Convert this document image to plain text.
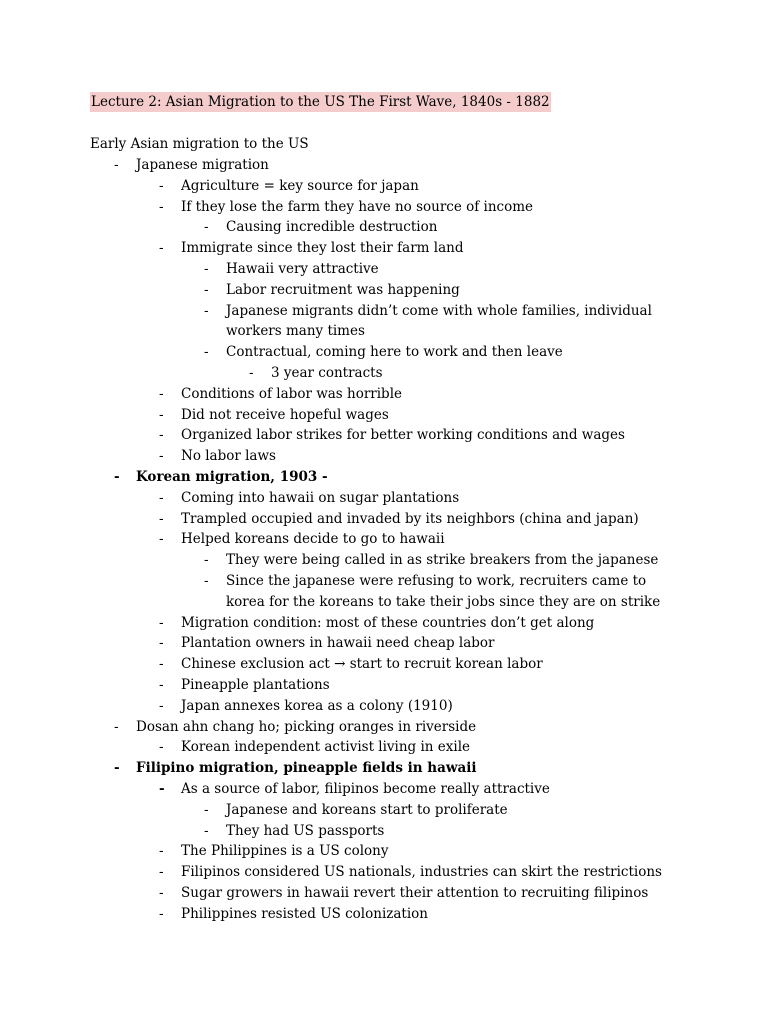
Lecture 2: Asian Migration to the US The First Wave, 1840s - 1882
Early Asian migration to the US
- Japanese migration
- Agriculture = key source for japan
- If they lose the farm they have no source of income
- Causing incredible destruction
- Immigrate since they lost their farm land
- Hawaii very attractive
- Labor recruitment was happening
- Japanese migrants didn’t come with whole families, individual workers many times
- Contractual, coming here to work and then leave
- 3 year contracts
- Conditions of labor was horrible
- Did not receive hopeful wages
- Organized labor strikes for better working conditions and wages
- No labor laws
- Korean migration, 1903 -
- Coming into hawaii on sugar plantations
- Trampled occupied and invaded by its neighbors (china and japan)
- Helped koreans decide to go to hawaii
- They were being called in as strike breakers from the japanese
- Since the japanese were refusing to work, recruiters came to korea for the koreans to take their jobs since they are on strike
- Migration condition: most of these countries don’t get along
- Plantation owners in hawaii need cheap labor
- Chinese exclusion act → start to recruit korean labor
- Pineapple plantations
- Japan annexes korea as a colony (1910)
- Dosan ahn chang ho; picking oranges in riverside
- Korean independent activist living in exile
- Filipino migration, pineapple fields in hawaii
- As a source of labor, filipinos become really attractive
- Japanese and koreans start to proliferate
- They had US passports
- The Philippines is a US colony
- Filipinos considered US nationals, industries can skirt the restrictions
- Sugar growers in hawaii revert their attention to recruiting filipinos
- Philippines resisted US colonization
